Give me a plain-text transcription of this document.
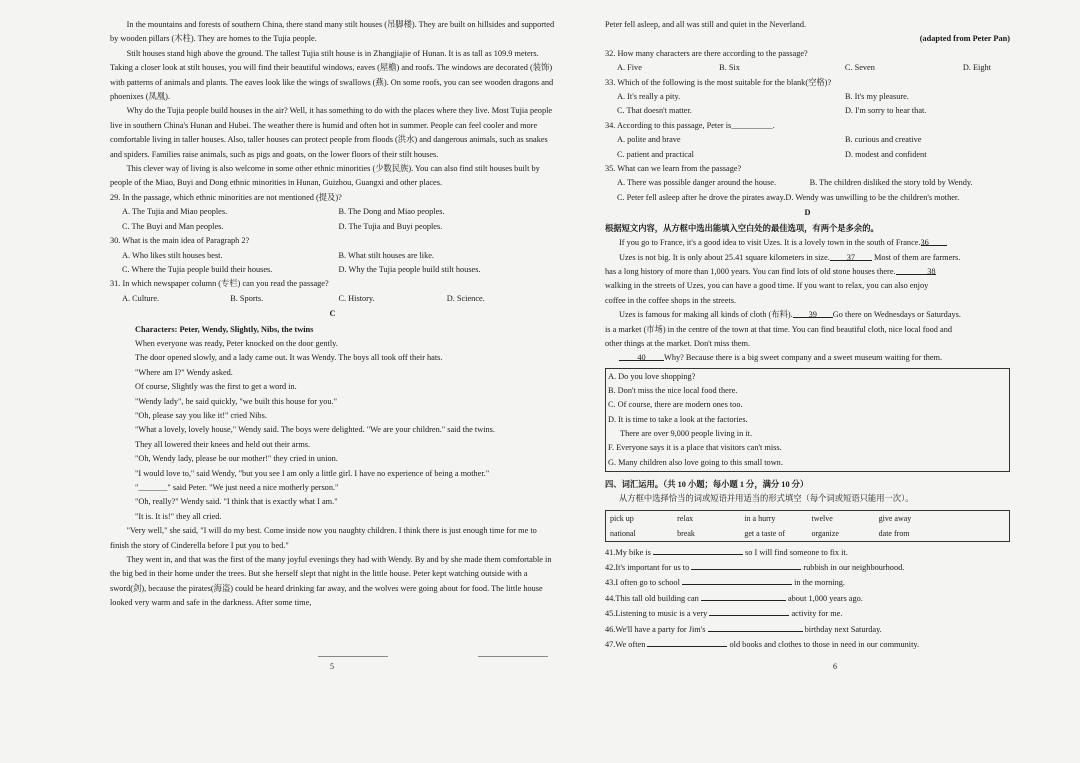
In the mountains and forests of southern China, there stand many stilt houses (吊脚楼). They are built on hillsides and supported by wooden pillars (木柱). They are homes to the Tujia people.

Stilt houses stand high above the ground. The tallest Tujia stilt house is in Zhangjiajie of Hunan. It is as tall as 109.9 meters. Taking a closer look at stilt houses, you will find their beautiful windows, eaves (屋檐) and roofs. The windows are decorated (装饰) with patterns of animals and plants. The eaves look like the wings of swallows (燕). On some roofs, you can see wooden dragons and phoenixes (凤凰).

Why do the Tujia people build houses in the air? Well, it has something to do with the places where they live. Most Tujia people live in southern China's Hunan and Hubei. The weather there is humid and often hot in summer. People can feel cooler and more comfortable living in taller houses. Also, taller houses can protect people from floods (洪水) and dangerous animals, such as snakes and spiders. Families raise animals, such as pigs and goats, on the lower floors of their stilt houses.

This clever way of living is also welcome in some other ethnic minorities (少数民族). You can also find stilt houses built by people of the Miao, Buyi and Dong ethnic minorities in Hunan, Guizhou, Guangxi and other places.

29. In the passage, which ethnic minorities are not mentioned (提及)?

A. The Tujia and Miao peoples.	B. The Dong and Miao peoples.
C. The Buyi and Man peoples.	D. The Tujia and Buyi peoples.

30. What is the main idea of Paragraph 2?

A. Who likes stilt houses best.	B. What stilt houses are like.
C. Where the Tujia people build their houses.	D. Why the Tujia people build stilt houses.

31. In which newspaper column (专栏) can you read the passage?

A. Culture.	B. Sports.	C. History.	D. Science.

C

Characters: Peter, Wendy, Slightly, Nibs, the twins

When everyone was ready, Peter knocked on the door gently.

The door opened slowly, and a lady came out. It was Wendy. The boys all took off their hats.

"Where am I?" Wendy asked.

Of course, Slightly was the first to get a word in.

"Wendy lady", he said quickly, "we built this house for you."

"Oh, please say you like it!" cried Nibs.

"What a lovely, lovely house," Wendy said. The boys were delighted. "We are your children." said the twins.

They all lowered their knees and held out their arms.

"Oh, Wendy lady, please be our mother!" they cried in union.

"I would love to," said Wendy, "but you see I am only a little girl. I have no experience of being a mother."

"_______" said Peter. "We just need a nice motherly person."

"Oh, really?" Wendy said. "I think that is exactly what I am."

"It is. It is!" they all cried.

"Very well," she said, "I will do my best. Come inside now you naughty children. I think there is just enough time for me to finish the story of Cinderella before I put you to bed."

They went in, and that was the first of the many joyful evenings they had with Wendy. By and by she made them comfortable in the big bed in their home under the trees. But she herself slept that night in the little house. Peter kept watching outside with a sword(剑), because the pirates(海盗) could be heard drinking far away, and the wolves were going about for food. The little house looked very warm and safe in the darkness. After some time,

5

Peter fell asleep, and all was still and quiet in the Neverland.

(adapted from Peter Pan)

32. How many characters are there according to the passage?

A. Five	B. Six	C. Seven	D. Eight

33. Which of the following is the most suitable for the blank(空格)?

A. It's really a pity.	B. It's my pleasure.
C. That doesn't matter.	D. I'm sorry to hear that.

34. According to this passage, Peter is__________.

A. polite and brave	B. curious and creative
C. patient and practical	D. modest and confident

35. What can we learn from the passage?

A. There was possible danger around the house.	B. The children disliked the story told by Wendy.
C. Peter fell asleep after he drove the pirates away. D. Wendy was unwilling to be the children's mother.

D

根据短文内容，从方框中选出能填入空白处的最佳选项，有两个是多余的。

If you go to France, it's a good idea to visit Uzes. It is a lovely town in the south of France.36

Uzes is not big. It is only about 25.41 square kilometers in size. 37 Most of them are farmers.

has a long history of more than 1,000 years. You can find lots of old stone houses there.	38

walking in the streets of Uzes, you can have a good time. If you want to relax, you can also enjoy

coffee in the coffee shops in the streets.

Uzes is famous for making all kinds of cloth (布料). 39 Go there on Wednesdays or Saturdays.

is a market (市场) in the centre of the town at that time. You can find beautiful cloth, nice local food and

other things at the market. Don't miss them.

40 Why? Because there is a big sweet company and a sweet museum waiting for them.

A. Do you love shopping?

B. Don't miss the nice local food there.

C. Of course, there are modern ones too.

D. It is time to take a look at the factories.

There are over 9,000 people living in it.

F. Everyone says it is a place that visitors can't miss.

G. Many children also love going to this small town.

四、词汇运用。（共 10 小题；每小题 1 分，满分 10 分）

从方框中选择恰当的词或短语并用适当的形式填空（每个词或短语只能用一次）。

pick up	relax	in a hurry	twelve	give away
national	break	get a taste of	organize	date from

41.My bike is	so I will find someone to fix it.

42.It's important for us to	rubbish in our neighbourhood.

43.I often go to school	in the morning.

44.This tall old building can	about 1,000 years ago.

45.Listening to music is a very	activity for me.

46.We'll have a party for Jim's	birthday next Saturday.

47.We often	old books and clothes to those in need in our community.

6
